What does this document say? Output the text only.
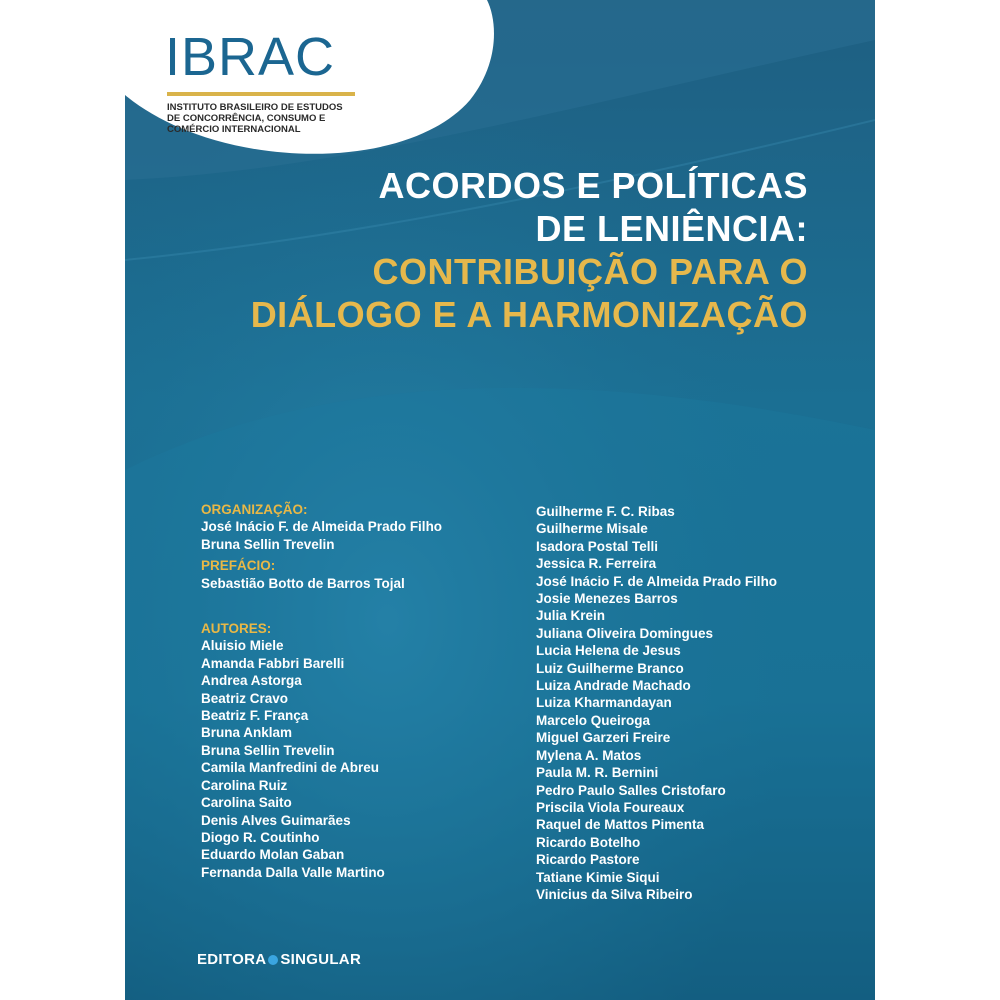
IBRAC
INSTITUTO BRASILEIRO DE ESTUDOS
DE CONCORRÊNCIA, CONSUMO E
COMÉRCIO INTERNACIONAL
ACORDOS E POLÍTICAS
DE LENIÊNCIA:
CONTRIBUIÇÃO PARA O
DIÁLOGO E A HARMONIZAÇÃO
ORGANIZAÇÃO:
José Inácio F. de Almeida Prado Filho
Bruna Sellin Trevelin
PREFÁCIO:
Sebastião Botto de Barros Tojal
AUTORES:
Aluisio Miele
Amanda Fabbri Barelli
Andrea Astorga
Beatriz Cravo
Beatriz F. França
Bruna Anklam
Bruna Sellin Trevelin
Camila Manfredini de Abreu
Carolina Ruiz
Carolina Saito
Denis Alves Guimarães
Diogo R. Coutinho
Eduardo Molan Gaban
Fernanda Dalla Valle Martino
Guilherme F. C. Ribas
Guilherme Misale
Isadora Postal Telli
Jessica R. Ferreira
José Inácio F. de Almeida Prado Filho
Josie Menezes Barros
Julia Krein
Juliana Oliveira Domingues
Lucia Helena de Jesus
Luiz Guilherme Branco
Luiza Andrade Machado
Luiza Kharmandayan
Marcelo Queiroga
Miguel Garzeri Freire
Mylena A. Matos
Paula M. R. Bernini
Pedro Paulo Salles Cristofaro
Priscila Viola Foureaux
Raquel de Mattos Pimenta
Ricardo Botelho
Ricardo Pastore
Tatiane Kimie Siqui
Vinicius da Silva Ribeiro
EDITORA SINGULAR
